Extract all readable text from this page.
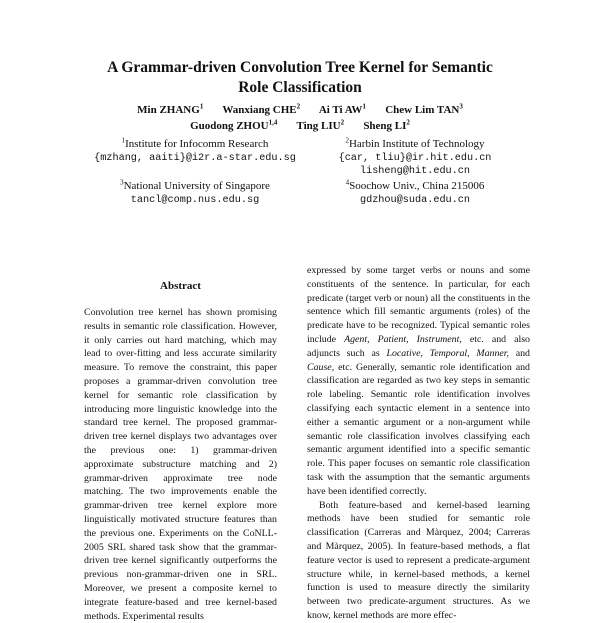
A Grammar-driven Convolution Tree Kernel for Semantic Role Classification
Min ZHANG$^1$ Wanxiang CHE$^2$ Ai Ti $AW^1$ Chew Lim TAN$^3$
Guodong ZHOU$^{1,4}$ Ting LIU$^2$ Sheng $LI^2$
$^1$Institute for Infocomm Research
{mzhang, aaiti}@i2r.a-star.edu.sg
$^2$Harbin Institute of Technology
{car, tliu}@ir.hit.edu.cn
lisheng@hit.edu.cn
$^3$National University of Singapore
tancl@comp.nus.edu.sg
$^4$Soochow Univ., China 215006
gdzhou@suda.edu.cn
Abstract

Convolution tree kernel has shown promising results in semantic role classification. However, it only carries out hard matching, which may lead to over-fitting and less accurate similarity measure. To remove the constraint, this paper proposes a grammar-driven convolution tree kernel for semantic role classification by introducing more linguistic knowledge into the standard tree kernel. The proposed grammar-driven tree kernel displays two advantages over the previous one: 1) grammar-driven approximate substructure matching and 2) grammar-driven approximate tree node matching. The two improvements enable the grammar-driven tree kernel explore more linguistically motivated structure features than the previous one. Experiments on the CoNLL-2005 SRL shared task show that the grammar-driven tree kernel significantly outperforms the previous non-grammar-driven one in SRL. Moreover, we present a composite kernel to integrate feature-based and tree kernel-based methods. Experimental results

expressed by some target verbs or nouns and some constituents of the sentence. In particular, for each predicate (target verb or noun) all the constituents in the sentence which fill semantic arguments (roles) of the predicate have to be recognized. Typical semantic roles include Agent, Patient, Instrument, etc. and also adjuncts such as Locative, Temporal, Manner, and Cause, etc. Generally, semantic role identification and classification are regarded as two key steps in semantic role labeling. Semantic role identification involves classifying each syntactic element in a sentence into either a semantic argument or a non-argument while semantic role classification involves classifying each semantic argument identified into a specific semantic role. This paper focuses on semantic role classification task with the assumption that the semantic arguments have been identified correctly.

Both feature-based and kernel-based learning methods have been studied for semantic role classification (Carreras and Màrquez, 2004; Carreras and Màrquez, 2005). In feature-based methods, a flat feature vector is used to represent a predicate-argument structure while, in kernel-based methods, a kernel function is used to measure directly the similarity between two predicate-argument structures. As we know, kernel methods are more effec-
